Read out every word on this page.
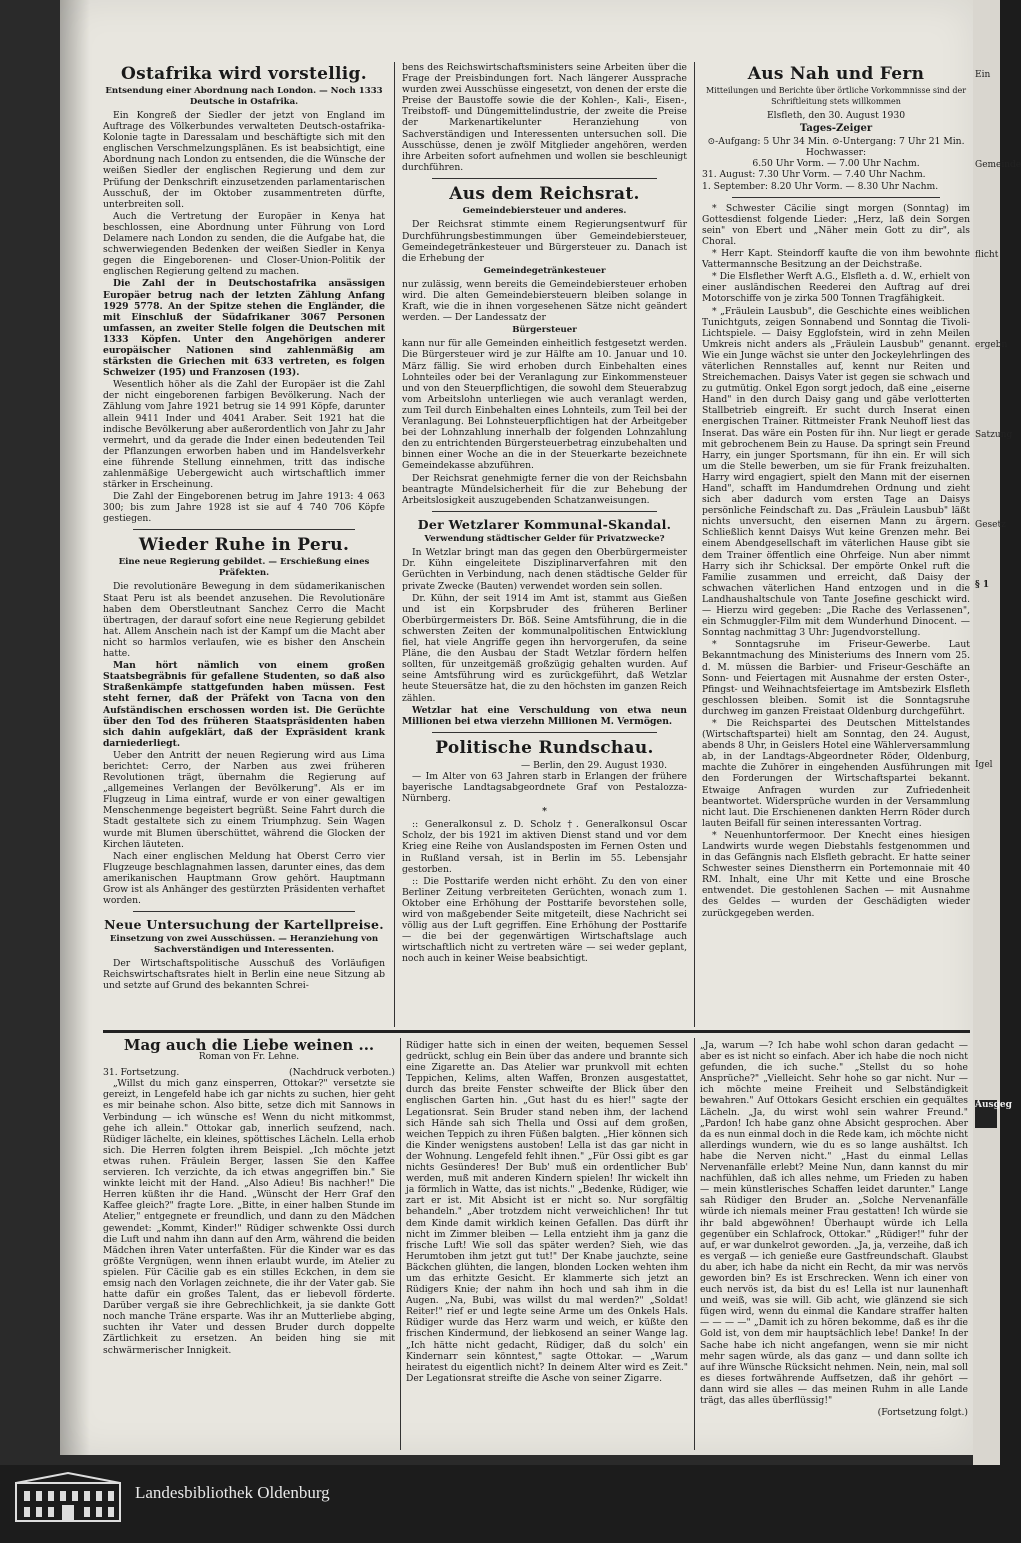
Ostafrika wird vorstellig.
Entsendung einer Abordnung nach London. — Noch 1333 Deutsche in Ostafrika.

Ein Kongreß der Siedler der jetzt von England im Auftrage des Völkerbundes verwalteten Deutsch-ostafrika-Kolonie tagte in Daressalam und beschäftigte sich mit den englischen Verschmelzungsplänen. Es ist beabsichtigt, eine Abordnung nach London zu entsenden, die die Wünsche der weißen Siedler der englischen Regierung und dem zur Prüfung der Denkschrift einzusetzenden parlamentarischen Ausschuß, der im Oktober zusammentreten dürfte, unterbreiten soll.

Auch die Vertretung der Europäer in Kenya hat beschlossen, eine Abordnung unter Führung von Lord Delamere nach London zu senden, die die Aufgabe hat, die schwerwiegenden Bedenken der weißen Siedler in Kenya gegen die Eingeborenen- und Closer-Union-Politik der englischen Regierung geltend zu machen.

Die Zahl der in Deutschostafrika ansässigen Europäer betrug nach der letzten Zählung Anfang 1929 5778. An der Spitze stehen die Engländer, die mit Einschluß der Südafrikaner 3067 Personen umfassen, an zweiter Stelle folgen die Deutschen mit 1333 Köpfen. Unter den Angehörigen anderer europäischer Nationen sind zahlenmäßig am stärksten die Griechen mit 633 vertreten, es folgen Schweizer (195) und Franzosen (193).

Wesentlich höher als die Zahl der Europäer ist die Zahl der nicht eingeborenen farbigen Bevölkerung. Nach der Zählung vom Jahre 1921 betrug sie 14 991 Köpfe, darunter allein 9411 Inder und 4041 Araber. Seit 1921 hat die indische Bevölkerung aber außerordentlich von Jahr zu Jahr vermehrt, und da gerade die Inder einen bedeutenden Teil der Pflanzungen erworben haben und im Handelsverkehr eine führende Stellung einnehmen, tritt das indische zahlenmäßige Uebergewicht auch wirtschaftlich immer stärker in Erscheinung.

Die Zahl der Eingeborenen betrug im Jahre 1913: 4 063 300; bis zum Jahre 1928 ist sie auf 4 740 706 Köpfe gestiegen.

Wieder Ruhe in Peru.
Eine neue Regierung gebildet. — Erschießung eines Präfekten.

Die revolutionäre Bewegung in dem südamerikanischen Staat Peru ist als beendet anzusehen. Die Revolutionäre haben dem Oberstleutnant Sanchez Cerro die Macht übertragen, der darauf sofort eine neue Regierung gebildet hat. Allem Anschein nach ist der Kampf um die Macht aber nicht so harmlos verlaufen, wie es bisher den Anschein hatte.

Man hört nämlich von einem großen Staatsbegräbnis für gefallene Studenten, so daß also Straßenkämpfe stattgefunden haben müssen. Fest steht ferner, daß der Präfekt von Tacna von den Aufständischen erschossen worden ist. Die Gerüchte über den Tod des früheren Staatspräsidenten haben sich dahin aufgeklärt, daß der Expräsident krank darniederliegt.

Ueber den Antritt der neuen Regierung wird aus Lima berichtet: Cerro, der Narben aus zwei früheren Revolutionen trägt, übernahm die Regierung auf „allgemeines Verlangen der Bevölkerung". Als er im Flugzeug in Lima eintraf, wurde er von einer gewaltigen Menschenmenge begeistert begrüßt. Seine Fahrt durch die Stadt gestaltete sich zu einem Triumphzug. Sein Wagen wurde mit Blumen überschüttet, während die Glocken der Kirchen läuteten.

Nach einer englischen Meldung hat Oberst Cerro vier Flugzeuge beschlagnahmen lassen, darunter eines, das dem amerikanischen Hauptmann Grow gehört. Hauptmann Grow ist als Anhänger des gestürzten Präsidenten verhaftet worden.

Neue Untersuchung der Kartellpreise.
Einsetzung von zwei Ausschüssen. — Heranziehung von Sachverständigen und Interessenten.

Der Wirtschaftspolitische Ausschuß des Vorläufigen Reichswirtschaftsrates hielt in Berlin eine neue Sitzung ab und setzte auf Grund des bekannten Schrei-

bens des Reichswirtschaftsministers seine Arbeiten über die Frage der Preisbindungen fort. Nach längerer Aussprache wurden zwei Ausschüsse eingesetzt, von denen der erste die Preise der Baustoffe sowie die der Kohlen-, Kali-, Eisen-, Treibstoff- und Düngemittelindustrie, der zweite die Preise der Markenartikelunter Heranziehung von Sachverständigen und Interessenten untersuchen soll. Die Ausschüsse, denen je zwölf Mitglieder angehören, werden ihre Arbeiten sofort aufnehmen und wollen sie beschleunigt durchführen.

Aus dem Reichsrat.
Gemeindebiersteuer und anderes.

Der Reichsrat stimmte einem Regierungsentwurf für Durchführungsbestimmungen über Gemeindebiersteuer, Gemeindegetränkesteuer und Bürgersteuer zu. Danach ist die Erhebung der

Gemeindegetränkesteuer

nur zulässig, wenn bereits die Gemeindebiersteuer erhoben wird. Die alten Gemeindebiersteuern bleiben solange in Kraft, wie die in ihnen vorgesehenen Sätze nicht geändert werden. — Der Landessatz der

Bürgersteuer

kann nur für alle Gemeinden einheitlich festgesetzt werden. Die Bürgersteuer wird je zur Hälfte am 10. Januar und 10. März fällig. Sie wird erhoben durch Einbehalten eines Lohnteiles oder bei der Veranlagung zur Einkommensteuer und von den Steuerpflichtigen, die sowohl dem Steuerabzug vom Arbeitslohn unterliegen wie auch veranlagt werden, zum Teil durch Einbehalten eines Lohnteils, zum Teil bei der Veranlagung. Bei Lohnsteuerpflichtigen hat der Arbeitgeber bei der Lohnzahlung innerhalb der folgenden Lohnzahlung den zu entrichtenden Bürgersteuerbetrag einzubehalten und binnen einer Woche an die in der Steuerkarte bezeichnete Gemeindekasse abzuführen.

Der Reichsrat genehmigte ferner die von der Reichsbahn beantragte Mündelsicherheit für die zur Behebung der Arbeitslosigkeit auszugebenden Schatzanweisungen.

Der Wetzlarer Kommunal-Skandal.
Verwendung städtischer Gelder für Privatzwecke?

In Wetzlar bringt man das gegen den Oberbürgermeister Dr. Kühn eingeleitete Disziplinarverfahren mit den Gerüchten in Verbindung, nach denen städtische Gelder für private Zwecke (Bauten) verwendet worden sein sollen.

Dr. Kühn, der seit 1914 im Amt ist, stammt aus Gießen und ist ein Korpsbruder des früheren Berliner Oberbürgermeisters Dr. Böß. Seine Amtsführung, die in die schwersten Zeiten der kommunalpolitischen Entwicklung fiel, hat viele Angriffe gegen ihn hervorgerufen, da seine Pläne, die den Ausbau der Stadt Wetzlar fördern helfen sollten, für unzeitgemäß großzügig gehalten wurden. Auf seine Amtsführung wird es zurückgeführt, daß Wetzlar heute Steuersätze hat, die zu den höchsten im ganzen Reich zählen.

Wetzlar hat eine Verschuldung von etwa neun Millionen bei etwa vierzehn Millionen M. Vermögen.

Politische Rundschau.
— Berlin, den 29. August 1930.

— Im Alter von 63 Jahren starb in Erlangen der frühere bayerische Landtagsabgeordnete Graf von Pestalozza-Nürnberg.

*

:: Generalkonsul z. D. Scholz †. Generalkonsul Oscar Scholz, der bis 1921 im aktiven Dienst stand und vor dem Krieg eine Reihe von Auslandsposten im Fernen Osten und in Rußland versah, ist in Berlin im 55. Lebensjahr gestorben.

:: Die Posttarife werden nicht erhöht. Zu den von einer Berliner Zeitung verbreiteten Gerüchten, wonach zum 1. Oktober eine Erhöhung der Posttarife bevorstehen solle, wird von maßgebender Seite mitgeteilt, diese Nachricht sei völlig aus der Luft gegriffen. Eine Erhöhung der Posttarife — die bei der gegenwärtigen Wirtschaftslage auch wirtschaftlich nicht zu vertreten wäre — sei weder geplant, noch auch in keiner Weise beabsichtigt.

Aus Nah und Fern
Mitteilungen und Berichte über örtliche Vorkommnisse sind der Schriftleitung stets willkommen
Elsfleth, den 30. August 1930
Tages-Zeiger
⊙-Aufgang: 5 Uhr 34 Min. ⊙-Untergang: 7 Uhr 21 Min.
Hochwasser:
6.50 Uhr Vorm. — 7.00 Uhr Nachm.
31. August: 7.30 Uhr Vorm. — 7.40 Uhr Nachm.
1. September: 8.20 Uhr Vorm. — 8.30 Uhr Nachm.

* Schwester Cäcilie singt morgen (Sonntag) im Gottesdienst folgende Lieder: „Herz, laß dein Sorgen sein" von Ebert und „Näher mein Gott zu dir", als Choral.

* Herr Kapt. Steindorff kaufte die von ihm bewohnte Vattermannsche Besitzung an der Deichstraße.

* Die Elsflether Werft A.G., Elsfleth a. d. W., erhielt von einer ausländischen Reederei den Auftrag auf drei Motorschiffe von je zirka 500 Tonnen Tragfähigkeit.

* „Fräulein Lausbub", die Geschichte eines weiblichen Tunichtguts, zeigen Sonnabend und Sonntag die Tivoli-Lichtspiele. — Daisy Egglofstein, wird in zehn Meilen Umkreis nicht anders als „Fräulein Lausbub" genannt. Wie ein Junge wächst sie unter den Jockeylehrlingen des väterlichen Rennstalles auf, kennt nur Reiten und Streichemachen. Daisys Vater ist gegen sie schwach und zu gutmütig. Onkel Egon sorgt jedoch, daß eine „eiserne Hand" in den durch Daisy gang und gäbe verlotterten Stallbetrieb eingreift. Er sucht durch Inserat einen energischen Trainer. Rittmeister Frank Neuhoff liest das Inserat. Das wäre ein Posten für ihn. Nur liegt er gerade mit gebrochenem Bein zu Hause. Da springt sein Freund Harry, ein junger Sportsmann, für ihn ein. Er will sich um die Stelle bewerben, um sie für Frank freizuhalten. Harry wird engagiert, spielt den Mann mit der eisernen Hand", schafft im Handumdrehen Ordnung und zieht sich aber dadurch vom ersten Tage an Daisys persönliche Feindschaft zu. Das „Fräulein Lausbub" läßt nichts unversucht, den eisernen Mann zu ärgern. Schließlich kennt Daisys Wut keine Grenzen mehr. Bei einem Abendgesellschaft im väterlichen Hause gibt sie dem Trainer öffentlich eine Ohrfeige. Nun aber nimmt Harry sich ihr Schicksal. Der empörte Onkel ruft die Familie zusammen und erreicht, daß Daisy der schwachen väterlichen Hand entzogen und in die Landhaushaltschule von Tante Josefine geschickt wird. — Hierzu wird gegeben: „Die Rache des Verlassenen", ein Schmuggler-Film mit dem Wunderhund Dinocent. — Sonntag nachmittag 3 Uhr: Jugendvorstellung.

* Sonntagsruhe im Friseur-Gewerbe. Laut Bekanntmachung des Ministeriums des Innern vom 25. d. M. müssen die Barbier- und Friseur-Geschäfte an Sonn- und Feiertagen mit Ausnahme der ersten Oster-, Pfingst- und Weihnachtsfeiertage im Amtsbezirk Elsfleth geschlossen bleiben. Somit ist die Sonntagsruhe durchweg im ganzen Freistaat Oldenburg durchgeführt.

* Die Reichspartei des Deutschen Mittelstandes (Wirtschaftspartei) hielt am Sonntag, den 24. August, abends 8 Uhr, in Geislers Hotel eine Wählerversammlung ab, in der Landtags-Abgeordneter Röder, Oldenburg, machte die Zuhörer in eingehenden Ausführungen mit den Forderungen der Wirtschaftspartei bekannt. Etwaige Anfragen wurden zur Zufriedenheit beantwortet. Widersprüche wurden in der Versammlung nicht laut. Die Erschienenen dankten Herrn Röder durch lauten Beifall für seinen interessanten Vortrag.

* Neuenhuntorfermoor. Der Knecht eines hiesigen Landwirts wurde wegen Diebstahls festgenommen und in das Gefängnis nach Elsfleth gebracht. Er hatte seiner Schwester seines Dienstherrn ein Portemonnaie mit 40 RM. Inhalt, eine Uhr mit Kette und eine Brosche entwendet. Die gestohlenen Sachen — mit Ausnahme des Geldes — wurden der Geschädigten wieder zurückgegeben werden.

Mag auch die Liebe weinen ...
Roman von Fr. Lehne.
31. Fortsetzung.	(Nachdruck verboten.)

„Willst du mich ganz einsperren, Ottokar?" versetzte sie gereizt, in Lengefeld habe ich gar nichts zu suchen, hier geht es mir beinahe schon. Also bitte, setze dich mit Sannows in Verbindung — ich wünsche es! Wenn du nicht mitkommst, gehe ich allein." Ottokar gab, innerlich seufzend, nach. Rüdiger lächelte, ein kleines, spöttisches Lächeln. Lella erhob sich. Die Herren folgten ihrem Beispiel. „Ich möchte jetzt etwas ruhen. Fräulein Berger, lassen Sie den Kaffee servieren. Ich verzichte, da ich etwas angegriffen bin." Sie winkte leicht mit der Hand. „Also Adieu! Bis nachher!" Die Herren küßten ihr die Hand. „Wünscht der Herr Graf den Kaffee gleich?" fragte Lore. „Bitte, in einer halben Stunde im Atelier," entgegnete er freundlich, und dann zu den Mädchen gewendet: „Kommt, Kinder!" Rüdiger schwenkte Ossi durch die Luft und nahm ihn dann auf den Arm, während die beiden Mädchen ihren Vater unterfaßten. Für die Kinder war es das größte Vergnügen, wenn ihnen erlaubt wurde, im Atelier zu spielen. Für Cäcilie gab es ein stilles Eckchen, in dem sie emsig nach den Vorlagen zeichnete, die ihr der Vater gab. Sie hatte dafür ein großes Talent, das er liebevoll förderte. Darüber vergaß sie ihre Gebrechlichkeit, ja sie dankte Gott noch manche Träne ersparte. Was ihr an Mutterliebe abging, suchten ihr Vater und dessen Bruder durch doppelte Zärtlichkeit zu ersetzen. An beiden hing sie mit schwärmerischer Innigkeit.

Rüdiger hatte sich in einen der weiten, bequemen Sessel gedrückt, schlug ein Bein über das andere und brannte sich eine Zigarette an. Das Atelier war prunkvoll mit echten Teppichen, Kelims, alten Waffen, Bronzen ausgestattet, durch das breite Fenster schweifte der Blick über den englischen Garten hin. „Gut hast du es hier!" sagte der Legationsrat. Sein Bruder stand neben ihm, der lachend sich Hände sah sich Thella und Ossi auf dem großen, weichen Teppich zu ihren Füßen balgten. „Hier können sich die Kinder wenigstens austoben! Lella ist das gar nicht in der Wohnung. Lengefeld fehlt ihnen." „Für Ossi gibt es gar nichts Gesünderes! Der Bub' muß ein ordentlicher Bub' werden, muß mit anderen Kindern spielen! Ihr wickelt ihn ja förmlich in Watte, das ist nichts." „Bedenke, Rüdiger, wie zart er ist. Mit Absicht ist er nicht so. Nur sorgfältig behandeln." „Aber trotzdem nicht verweichlichen! Ihr tut dem Kinde damit wirklich keinen Gefallen. Das dürft ihr nicht im Zimmer bleiben — Lella entzieht ihm ja ganz die frische Luft! Wie soll das später werden? Sieh, wie das Herumtoben ihm jetzt gut tut!" Der Knabe jauchzte, seine Bäckchen glühten, die langen, blonden Locken wehten ihm um das erhitzte Gesicht. Er klammerte sich jetzt an Rüdigers Knie; der nahm ihn hoch und sah ihm in die Augen. „Na, Bubi, was willst du mal werden?" „Soldat! Reiter!" rief er und legte seine Arme um des Onkels Hals. Rüdiger wurde das Herz warm und weich, er küßte den frischen Kindermund, der liebkosend an seiner Wange lag. „Ich hätte nicht gedacht, Rüdiger, daß du solch' ein Kindernarr sein könntest," sagte Ottokar. — „Warum heiratest du eigentlich nicht? In deinem Alter wird es Zeit." Der Legationsrat streifte die Asche von seiner Zigarre.

„Ja, warum —? Ich habe wohl schon daran gedacht — aber es ist nicht so einfach. Aber ich habe die noch nicht gefunden, die ich suche." „Stellst du so hohe Ansprüche?" „Vielleicht. Sehr hohe so gar nicht. Nur — ich möchte meine Freiheit und Selbständigkeit bewahren." Auf Ottokars Gesicht erschien ein gequältes Lächeln. „Ja, du wirst wohl sein wahrer Freund." „Pardon! Ich habe ganz ohne Absicht gesprochen. Aber da es nun einmal doch in die Rede kam, ich möchte nicht allerdings wundern, wie du es so lange aushältst. Ich habe die Nerven nicht." „Hast du einmal Lellas Nervenanfälle erlebt? Meine Nun, dann kannst du mir nachfühlen, daß ich alles nehme, um Frieden zu haben — mein künstlerisches Schaffen leidet darunter." Lange sah Rüdiger den Bruder an. „Solche Nervenanfälle würde ich niemals meiner Frau gestatten! Ich würde sie ihr bald abgewöhnen! Überhaupt würde ich Lella gegenüber ein Schlafrock, Ottokar." „Rüdiger!" fuhr der auf, er war dunkelrot geworden. „Ja, ja, verzeihe, daß ich es vergaß — ich genieße eure Gastfreundschaft. Glaubst du aber, ich habe da nicht ein Recht, da mir was nervös geworden bin? Es ist Erschrecken. Wenn ich einer von euch nervös ist, da bist du es! Lella ist nur launenhaft und weiß, was sie will. Gib acht, wie glänzend sie sich fügen wird, wenn du einmal die Kandare straffer halten — — — —" „Damit ich zu hören bekomme, daß es ihr die Gold ist, von dem mir hauptsächlich lebe! Danke! In der Sache habe ich nicht angefangen, wenn sie mir nicht mehr sagen würde, als das ganz — und dann sollte ich auf ihre Wünsche Rücksicht nehmen. Nein, nein, mal soll es dieses fortwährende Auffsetzen, daß ihr gehört — dann wird sie alles — das meinen Ruhm in alle Lande trägt, das alles überflüssig!"

(Fortsetzung folgt.)
Ein
Gemeinde
flicht
ergebn
Satzung
Gesetz
§ 1
Igel
Ausgeg
Landesbibliothek Oldenburg
